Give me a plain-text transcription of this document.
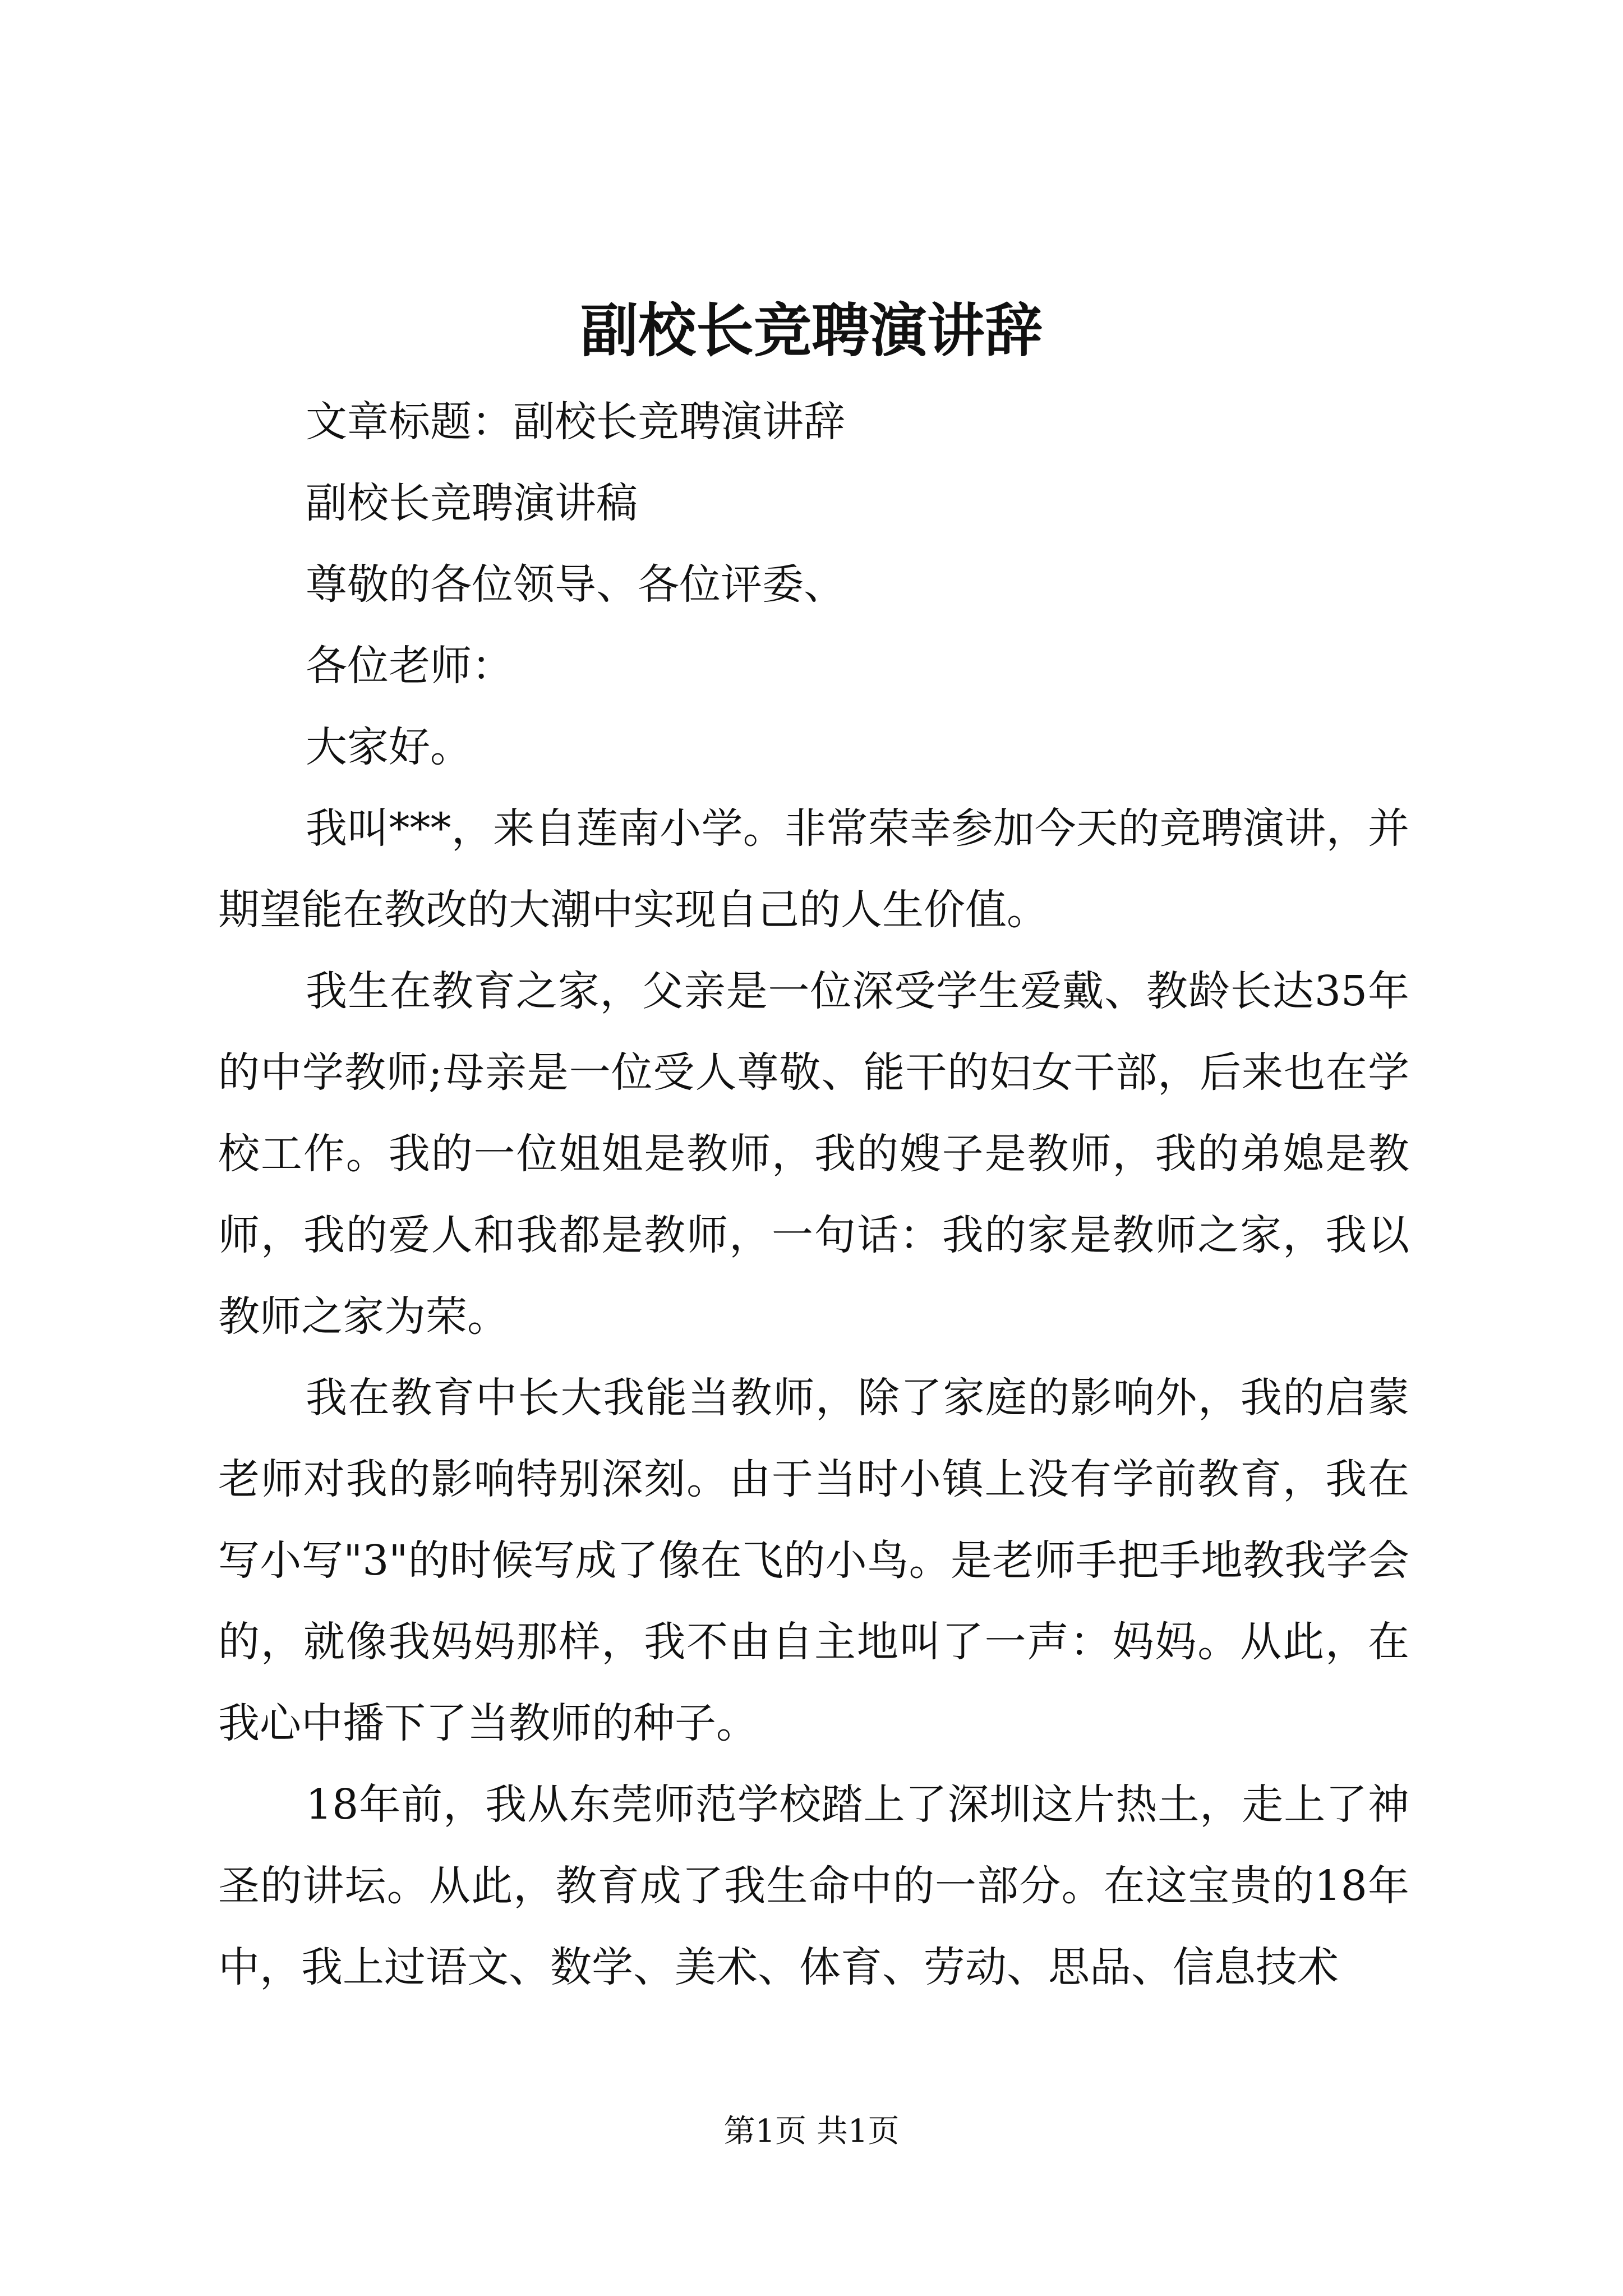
副校长竞聘演讲辞

文章标题：副校长竞聘演讲辞

副校长竞聘演讲稿

尊敬的各位领导、各位评委、

各位老师：

大家好。

我叫***，来自莲南小学。非常荣幸参加今天的竞聘演讲，并期望能在教改的大潮中实现自己的人生价值。

我生在教育之家，父亲是一位深受学生爱戴、教龄长达35年的中学教师;母亲是一位受人尊敬、能干的妇女干部，后来也在学校工作。我的一位姐姐是教师，我的嫂子是教师，我的弟媳是教师，我的爱人和我都是教师，一句话：我的家是教师之家，我以教师之家为荣。

我在教育中长大我能当教师，除了家庭的影响外，我的启蒙老师对我的影响特别深刻。由于当时小镇上没有学前教育，我在写小写"3"的时候写成了像在飞的小鸟。是老师手把手地教我学会的，就像我妈妈那样，我不由自主地叫了一声：妈妈。从此，在我心中播下了当教师的种子。

18年前，我从东莞师范学校踏上了深圳这片热土，走上了神圣的讲坛。从此，教育成了我生命中的一部分。在这宝贵的18年中，我上过语文、数学、美术、体育、劳动、思品、信息技术

第1页 共1页
